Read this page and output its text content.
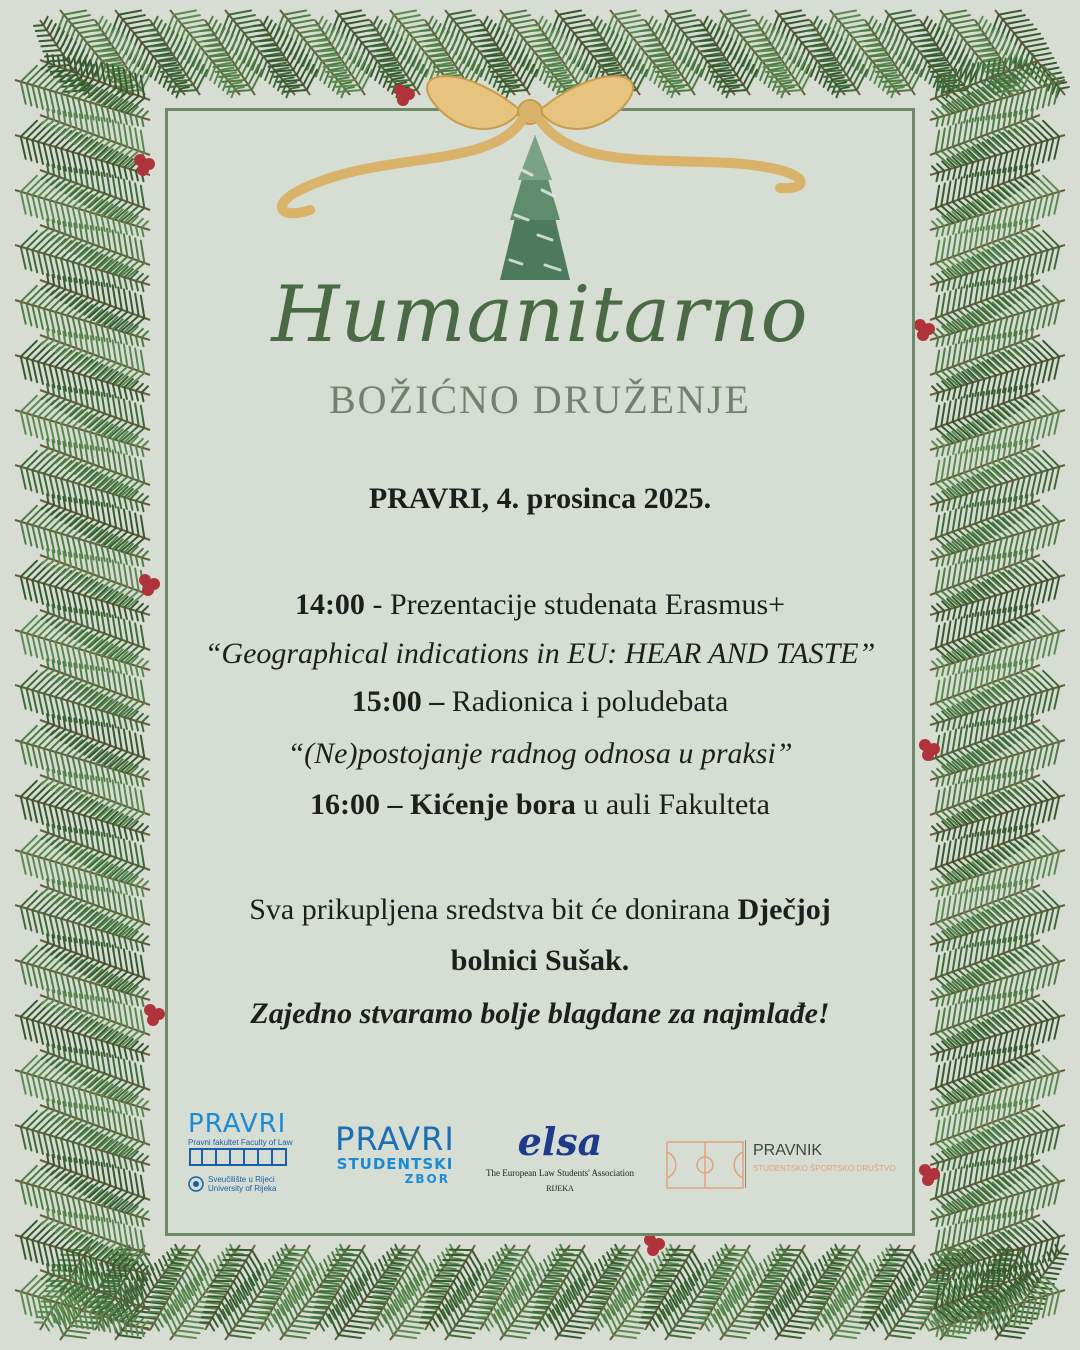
Humanitarno
BOŽIĆNO DRUŽENJE
PRAVRI, 4. prosinca 2025.
14:00 - Prezentacije studenata Erasmus+
“Geographical indications in EU: HEAR AND TASTE”
15:00 – Radionica i poludebata
“(Ne)postojanje radnog odnosa u praksi”
16:00 – Kićenje bora u auli Fakulteta
Sva prikupljena sredstva bit će donirana Dječjoj
bolnici Sušak.
Zajedno stvaramo bolje blagdane za najmlađe!
PRAVRI
Pravni fakultet Faculty of Law
Sveučilište u Rijeci
University of Rijeka
PRAVRI
STUDENTSKI
ZBOR
elsa
The European Law Students' Association
RIJEKA
PRAVNIK
STUDENTSKO ŠPORTSKO DRUŠTVO
